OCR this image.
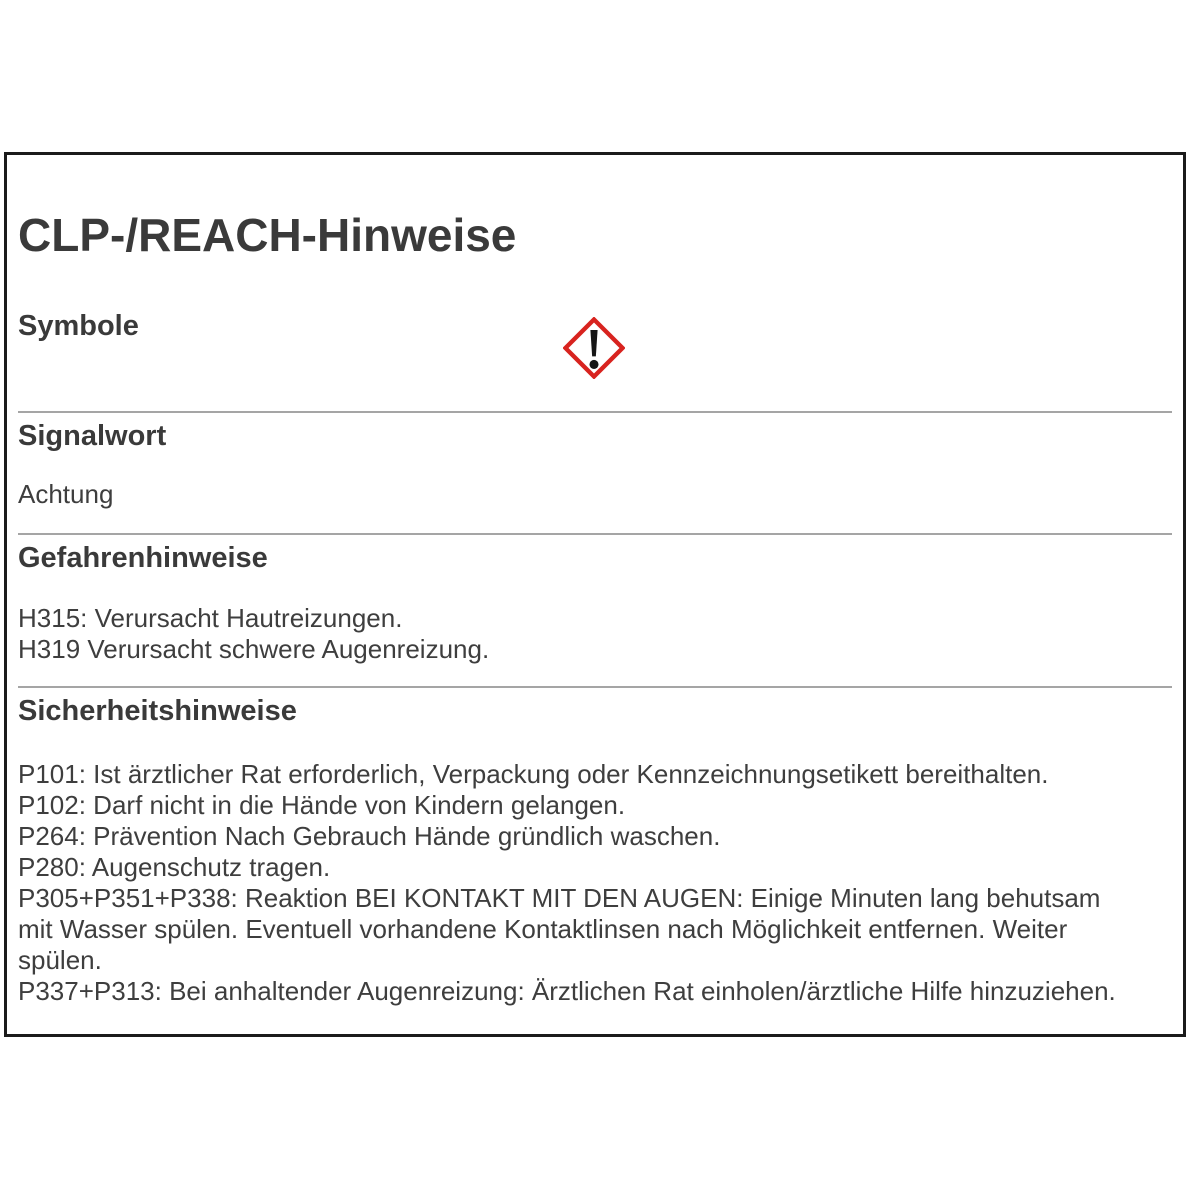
CLP-/REACH-Hinweise
Symbole
Signalwort
Achtung
Gefahrenhinweise

H315: Verursacht Hautreizungen.

H319 Verursacht schwere Augenreizung.

Sicherheitshinweise

P101: Ist ärztlicher Rat erforderlich, Verpackung oder Kennzeichnungsetikett bereithalten.

P102: Darf nicht in die Hände von Kindern gelangen.

P264: Prävention Nach Gebrauch Hände gründlich waschen.

P280: Augenschutz tragen.

P305+P351+P338: Reaktion BEI KONTAKT MIT DEN AUGEN: Einige Minuten lang behutsam mit Wasser spülen. Eventuell vorhandene Kontaktlinsen nach Möglichkeit entfernen. Weiter spülen.

P337+P313: Bei anhaltender Augenreizung: Ärztlichen Rat einholen/ärztliche Hilfe hinzuziehen.
